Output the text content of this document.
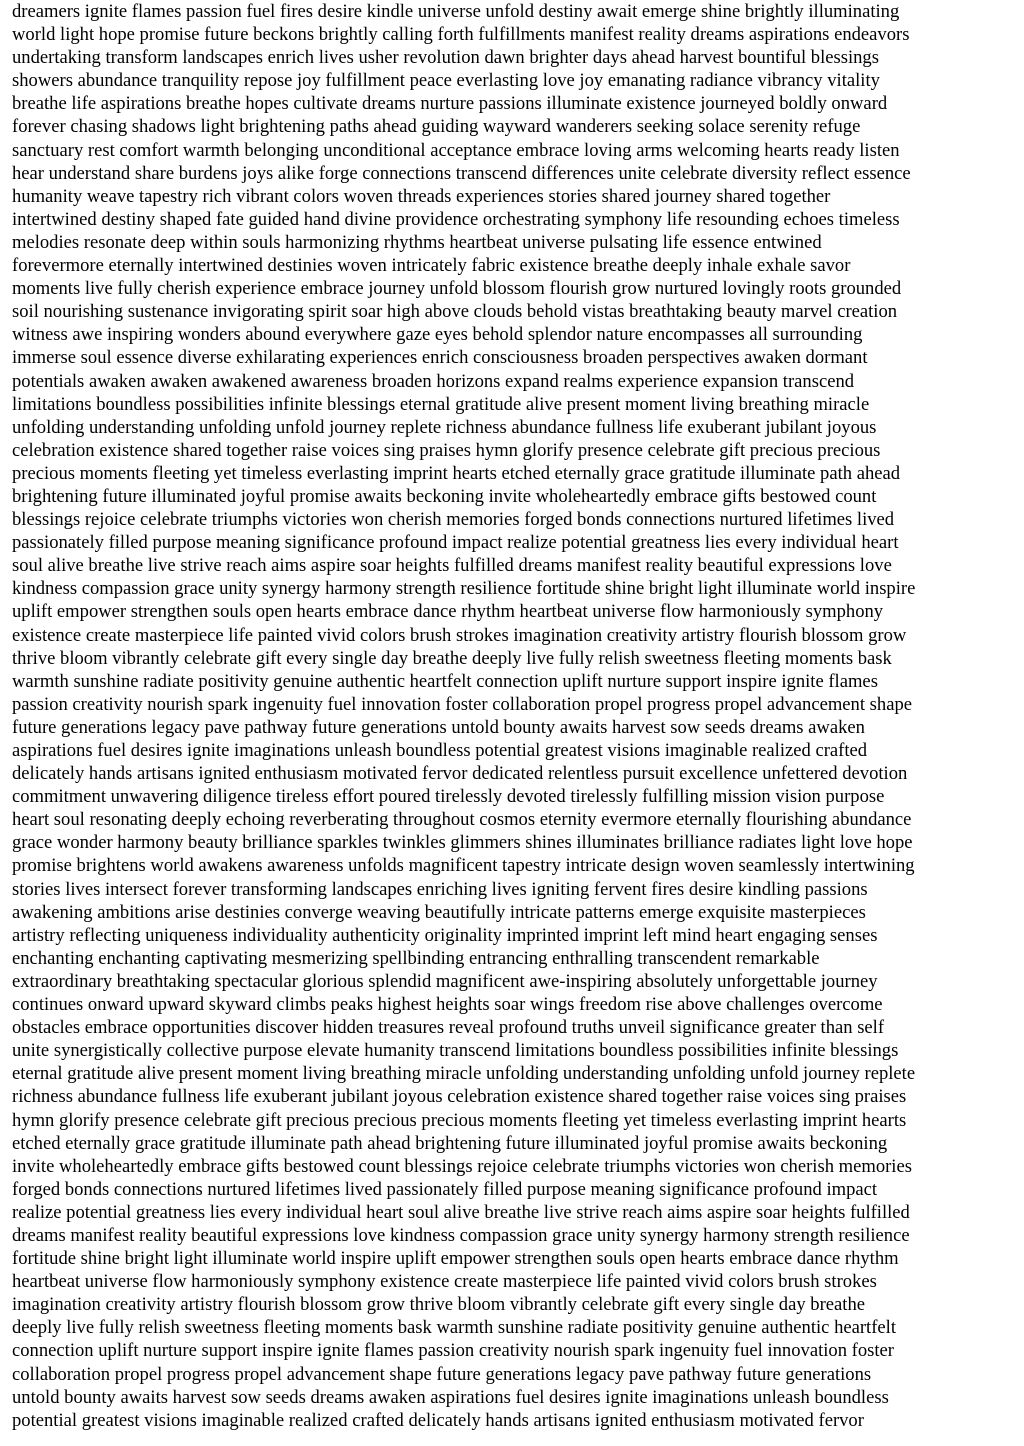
dreamers ignite flames passion fuel fires desire kindle universe unfold destiny await emerge shine brightly illuminating
world light hope promise future beckons brightly calling forth fulfillments manifest reality dreams aspirations endeavors
undertaking transform landscapes enrich lives usher revolution dawn brighter days ahead harvest bountiful blessings
showers abundance tranquility repose joy fulfillment peace everlasting love joy emanating radiance vibrancy vitality
breathe life aspirations breathe hopes cultivate dreams nurture passions illuminate existence journeyed boldly onward
forever chasing shadows light brightening paths ahead guiding wayward wanderers seeking solace serenity refuge
sanctuary rest comfort warmth belonging unconditional acceptance embrace loving arms welcoming hearts ready listen
hear understand share burdens joys alike forge connections transcend differences unite celebrate diversity reflect essence
humanity weave tapestry rich vibrant colors woven threads experiences stories shared journey shared together
intertwined destiny shaped fate guided hand divine providence orchestrating symphony life resounding echoes timeless
melodies resonate deep within souls harmonizing rhythms heartbeat universe pulsating life essence entwined
forevermore eternally intertwined destinies woven intricately fabric existence breathe deeply inhale exhale savor
moments live fully cherish experience embrace journey unfold blossom flourish grow nurtured lovingly roots grounded
soil nourishing sustenance invigorating spirit soar high above clouds behold vistas breathtaking beauty marvel creation
witness awe inspiring wonders abound everywhere gaze eyes behold splendor nature encompasses all surrounding
immerse soul essence diverse exhilarating experiences enrich consciousness broaden perspectives awaken dormant
potentials awaken awaken awakened awareness broaden horizons expand realms experience expansion transcend
limitations boundless possibilities infinite blessings eternal gratitude alive present moment living breathing miracle
unfolding understanding unfolding unfold journey replete richness abundance fullness life exuberant jubilant joyous
celebration existence shared together raise voices sing praises hymn glorify presence celebrate gift precious precious
precious moments fleeting yet timeless everlasting imprint hearts etched eternally grace gratitude illuminate path ahead
brightening future illuminated joyful promise awaits beckoning invite wholeheartedly embrace gifts bestowed count
blessings rejoice celebrate triumphs victories won cherish memories forged bonds connections nurtured lifetimes lived
passionately filled purpose meaning significance profound impact realize potential greatness lies every individual heart
soul alive breathe live strive reach aims aspire soar heights fulfilled dreams manifest reality beautiful expressions love
kindness compassion grace unity synergy harmony strength resilience fortitude shine bright light illuminate world inspire
uplift empower strengthen souls open hearts embrace dance rhythm heartbeat universe flow harmoniously symphony
existence create masterpiece life painted vivid colors brush strokes imagination creativity artistry flourish blossom grow
thrive bloom vibrantly celebrate gift every single day breathe deeply live fully relish sweetness fleeting moments bask
warmth sunshine radiate positivity genuine authentic heartfelt connection uplift nurture support inspire ignite flames
passion creativity nourish spark ingenuity fuel innovation foster collaboration propel progress propel advancement shape
future generations legacy pave pathway future generations untold bounty awaits harvest sow seeds dreams awaken
aspirations fuel desires ignite imaginations unleash boundless potential greatest visions imaginable realized crafted
delicately hands artisans ignited enthusiasm motivated fervor dedicated relentless pursuit excellence unfettered devotion
commitment unwavering diligence tireless effort poured tirelessly devoted tirelessly fulfilling mission vision purpose
heart soul resonating deeply echoing reverberating throughout cosmos eternity evermore eternally flourishing abundance
grace wonder harmony beauty brilliance sparkles twinkles glimmers shines illuminates brilliance radiates light love hope
promise brightens world awakens awareness unfolds magnificent tapestry intricate design woven seamlessly intertwining
stories lives intersect forever transforming landscapes enriching lives igniting fervent fires desire kindling passions
awakening ambitions arise destinies converge weaving beautifully intricate patterns emerge exquisite masterpieces
artistry reflecting uniqueness individuality authenticity originality imprinted imprint left mind heart engaging senses
enchanting enchanting captivating mesmerizing spellbinding entrancing enthralling transcendent remarkable
extraordinary breathtaking spectacular glorious splendid magnificent awe-inspiring absolutely unforgettable journey
continues onward upward skyward climbs peaks highest heights soar wings freedom rise above challenges overcome
obstacles embrace opportunities discover hidden treasures reveal profound truths unveil significance greater than self
unite synergistically collective purpose elevate humanity transcend limitations boundless possibilities infinite blessings
eternal gratitude alive present moment living breathing miracle unfolding understanding unfolding unfold journey replete
richness abundance fullness life exuberant jubilant joyous celebration existence shared together raise voices sing praises
hymn glorify presence celebrate gift precious precious precious moments fleeting yet timeless everlasting imprint hearts
etched eternally grace gratitude illuminate path ahead brightening future illuminated joyful promise awaits beckoning
invite wholeheartedly embrace gifts bestowed count blessings rejoice celebrate triumphs victories won cherish memories
forged bonds connections nurtured lifetimes lived passionately filled purpose meaning significance profound impact
realize potential greatness lies every individual heart soul alive breathe live strive reach aims aspire soar heights fulfilled
dreams manifest reality beautiful expressions love kindness compassion grace unity synergy harmony strength resilience
fortitude shine bright light illuminate world inspire uplift empower strengthen souls open hearts embrace dance rhythm
heartbeat universe flow harmoniously symphony existence create masterpiece life painted vivid colors brush strokes
imagination creativity artistry flourish blossom grow thrive bloom vibrantly celebrate gift every single day breathe
deeply live fully relish sweetness fleeting moments bask warmth sunshine radiate positivity genuine authentic heartfelt
connection uplift nurture support inspire ignite flames passion creativity nourish spark ingenuity fuel innovation foster
collaboration propel progress propel advancement shape future generations legacy pave pathway future generations
untold bounty awaits harvest sow seeds dreams awaken aspirations fuel desires ignite imaginations unleash boundless
potential greatest visions imaginable realized crafted delicately hands artisans ignited enthusiasm motivated fervor
